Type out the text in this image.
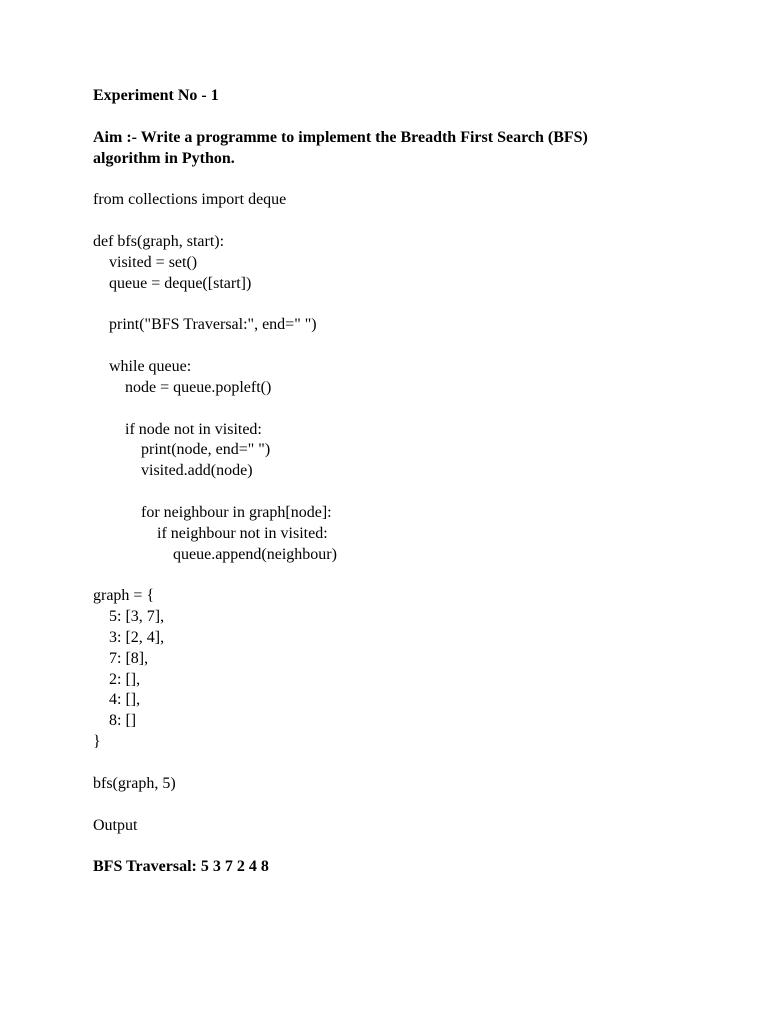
Experiment No - 1
Aim :- Write a programme to implement the Breadth First Search (BFS)
algorithm in Python.
from collections import deque
def bfs(graph, start):
visited = set()
queue = deque([start])
print("BFS Traversal:", end=" ")
while queue:
node = queue.popleft()
if node not in visited:
print(node, end=" ")
visited.add(node)
for neighbour in graph[node]:
if neighbour not in visited:
queue.append(neighbour)
graph = {
5: [3, 7],
3: [2, 4],
7: [8],
2: [],
4: [],
8: []
}
bfs(graph, 5)
Output
BFS Traversal: 5 3 7 2 4 8
